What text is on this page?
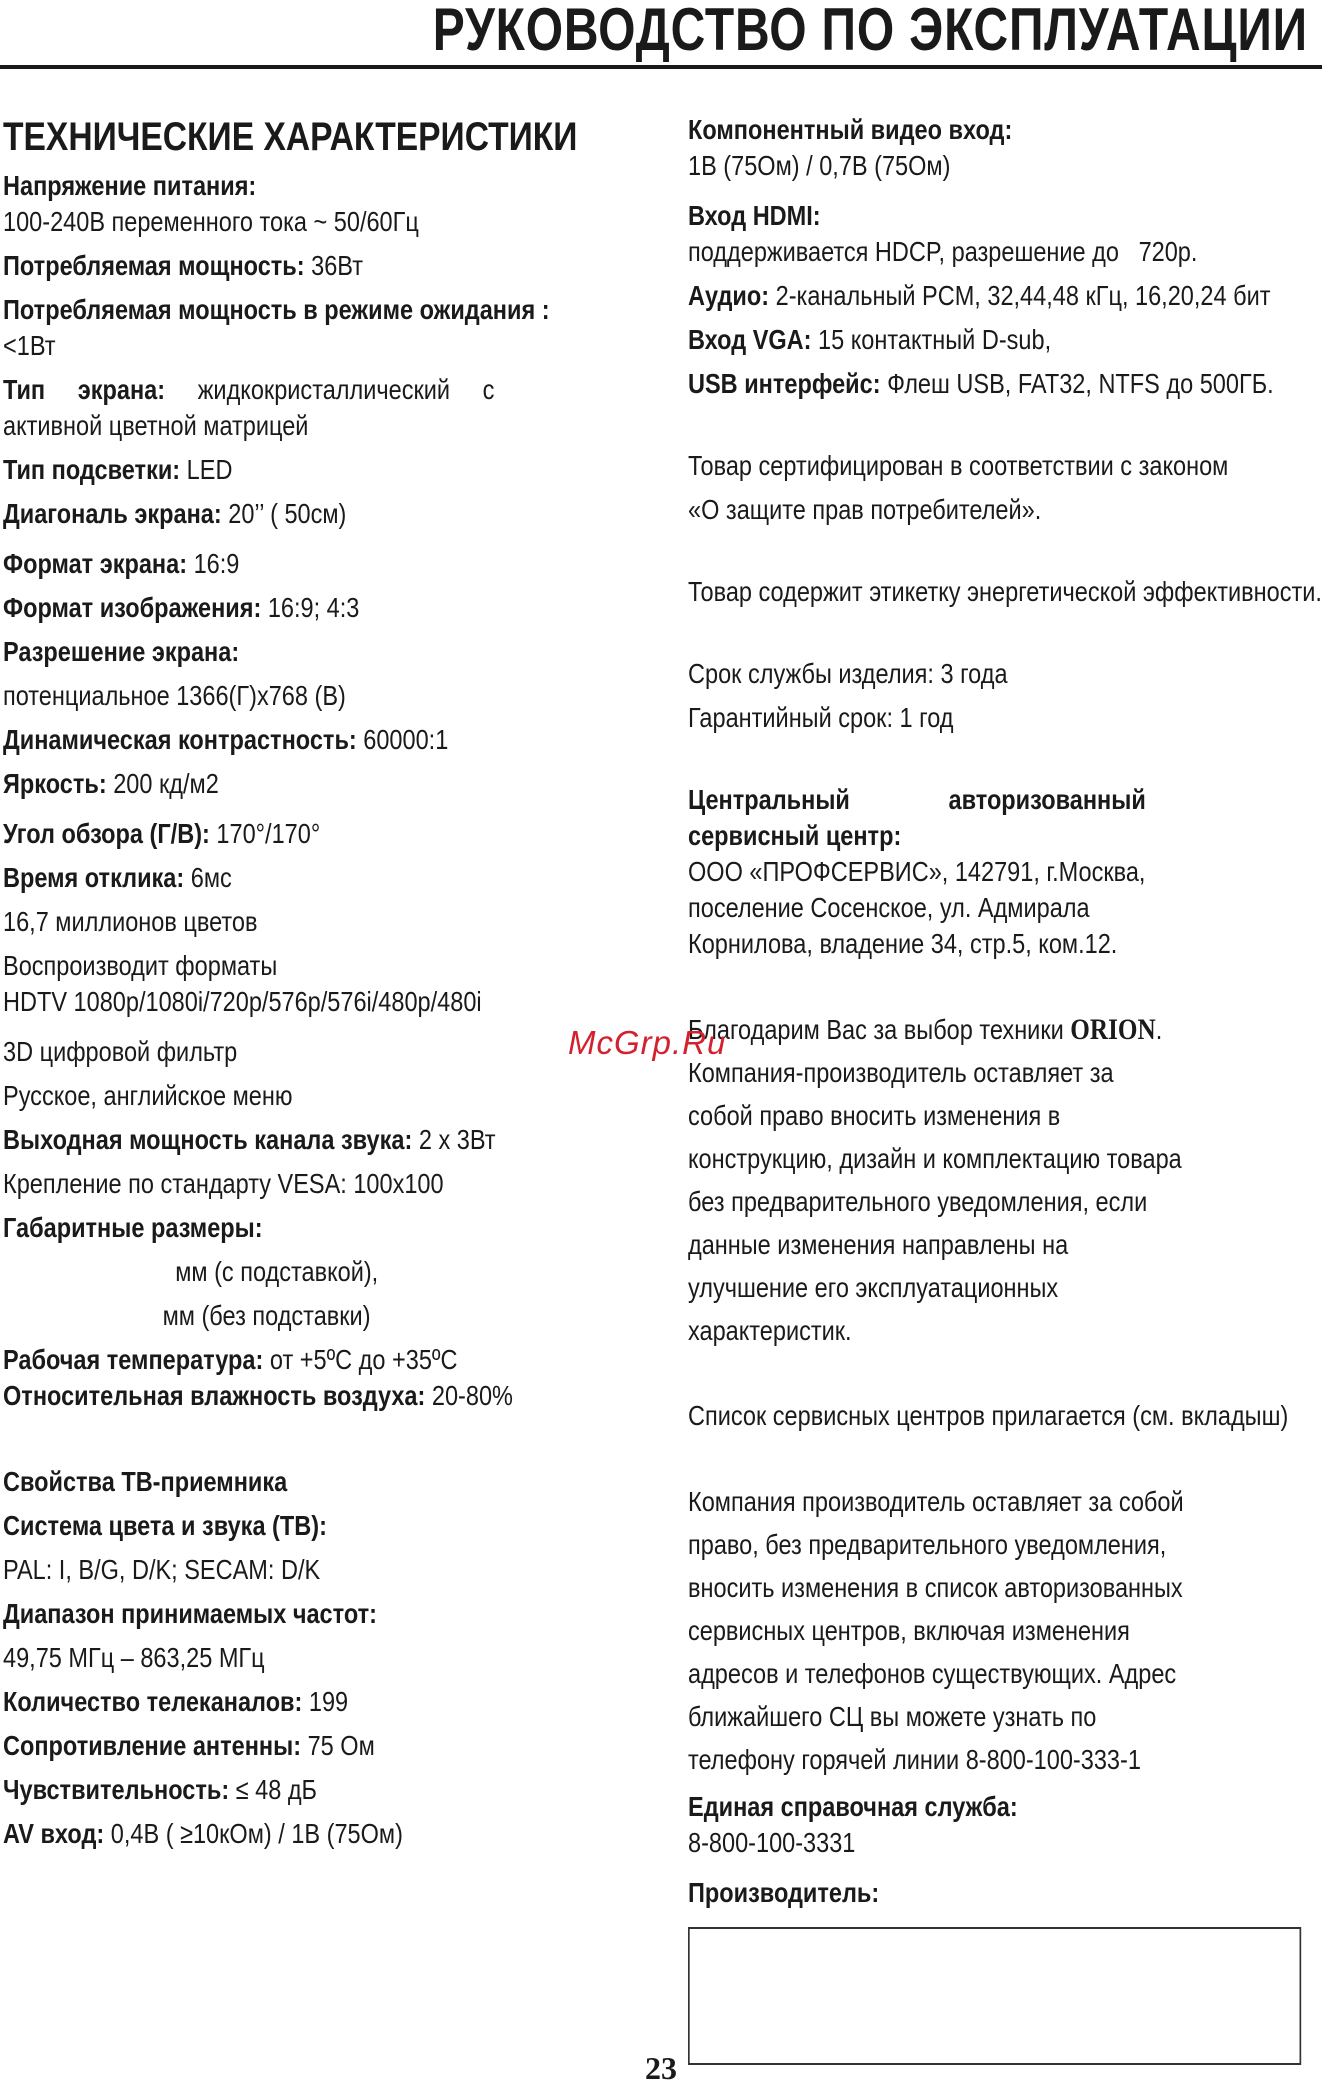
РУКОВОДСТВО ПО ЭКСПЛУАТАЦИИ
ТЕХНИЧЕСКИЕ ХАРАКТЕРИСТИКИ
Напряжение питания:
100-240В переменного тока ~ 50/60Гц
Потребляемая мощность: 36Вт
Потребляемая мощность в режиме ожидания :
<1Вт
Тип экрана: жидкокристаллический с активной цветной матрицей
Тип подсветки: LED
Диагональ экрана: 20’’ ( 50см)
Формат экрана: 16:9
Формат изображения: 16:9; 4:3
Разрешение экрана:
потенциальное 1366(Г)х768 (В)
Динамическая контрастность: 60000:1
Яркость: 200 кд/м2
Угол обзора (Г/В): 170°/170°
Время отклика: 6мс
16,7 миллионов цветов
Воспроизводит форматы
HDTV 1080p/1080i/720p/576p/576i/480p/480i
3D цифровой фильтр
Русское, английское меню
Выходная мощность канала звука: 2 х 3Вт
Крепление по стандарту VESA: 100х100
Габаритные размеры:
мм (с подставкой),
мм (без подставки)
Рабочая температура: от +5ºC до +35ºC
Относительная влажность воздуха: 20-80%
Свойства ТВ-приемника
Система цвета и звука (ТВ):
PAL: I, B/G, D/K; SECAM: D/K
Диапазон принимаемых частот:
49,75 МГц – 863,25 МГц
Количество телеканалов: 199
Сопротивление антенны: 75 Ом
Чувствительность: ≤ 48 дБ
AV вход: 0,4В ( ≥10кОм) / 1В (75Ом)
Компонентный видео вход:
1В (75Ом) / 0,7В (75Ом)
Вход HDMI:
поддерживается HDCP, разрешение до 720р.
Аудио: 2-канальный PCM, 32,44,48 кГц, 16,20,24 бит
Вход VGA: 15 контактный D-sub,
USB интерфейс: Флеш USB, FAT32, NTFS до 500ГБ.
Товар сертифицирован в соответствии с законом
«О защите прав потребителей».
Товар содержит этикетку энергетической эффективности.
Срок службы изделия: 3 года
Гарантийный срок: 1 год
Центральный авторизованный сервисный центр:
ООО «ПРОФСЕРВИС», 142791, г.Москва, поселение Сосенское, ул. Адмирала Корнилова, владение 34, стр.5, ком.12.
Благодарим Вас за выбор техники ORION.
Компания-производитель оставляет за собой право вносить изменения в конструкцию, дизайн и комплектацию товара без предварительного уведомления, если данные изменения направлены на улучшение его эксплуатационных характеристик.
Список сервисных центров прилагается (см. вкладыш)
Компания производитель оставляет за собой право, без предварительного уведомления, вносить изменения в список авторизованных сервисных центров, включая изменения адресов и телефонов существующих. Адрес ближайшего СЦ вы можете узнать по телефону горячей линии 8-800-100-333-1
Единая справочная служба:
8-800-100-3331
Производитель:
McGrp.Ru
23
